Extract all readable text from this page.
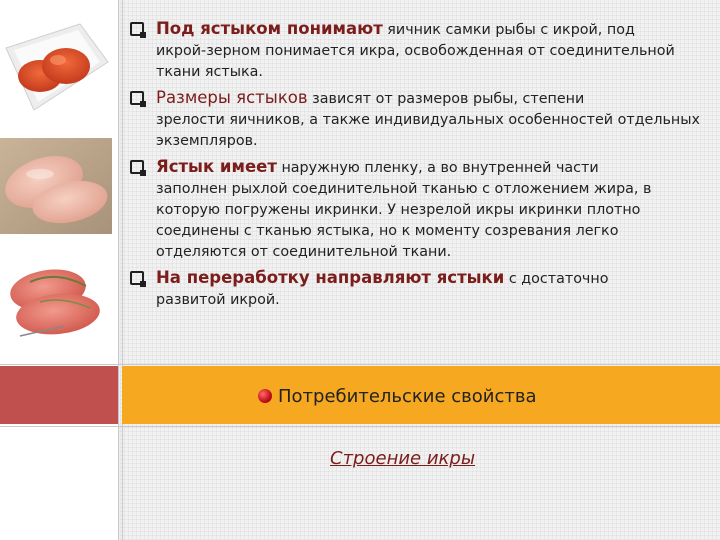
Под ястыком понимают яичник самки рыбы с икрой, под
икрой-зерном понимается икра, освобожденная от соединительной ткани ястыка.
Размеры ястыков зависят от размеров рыбы, степени
зрелости яичников, а также индивидуальных особенностей отдельных экземпляров.
Ястык имеет наружную пленку, а во внутренней части
заполнен рыхлой соединительной тканью с отложением жира, в которую погружены икринки. У незрелой икры икринки плотно соединены с тканью ястыка, но к моменту созревания легко отделяются от соединительной ткани.
На переработку направляют ястыки с достаточно
развитой икрой.
Потребительские свойства
Строение икры
